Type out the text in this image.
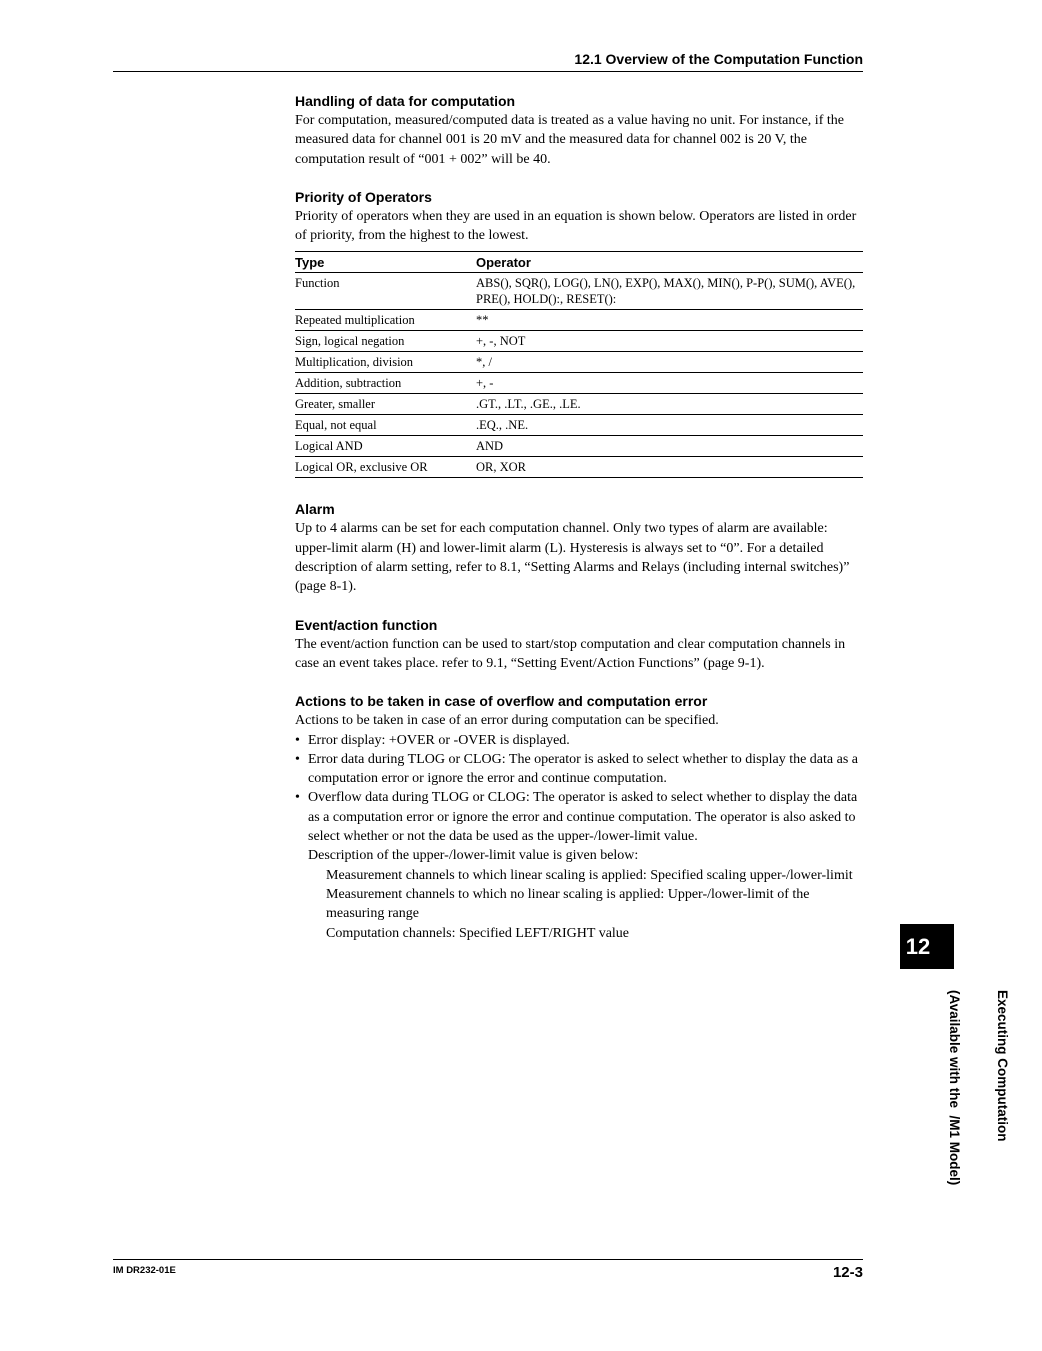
12.1 Overview of the Computation Function
Handling of data for computation

For computation, measured/computed data is treated as a value having no unit. For instance, if the measured data for channel 001 is 20 mV and the measured data for channel 002 is 20 V, the computation result of “001 + 002” will be 40.

Priority of Operators

Priority of operators when they are used in an equation is shown below. Operators are listed in order of priority, from the highest to the lowest.

Type	Operator
Function	ABS(), SQR(), LOG(), LN(), EXP(), MAX(), MIN(), P-P(), SUM(), AVE(), PRE(), HOLD():, RESET():
Repeated multiplication	**
Sign, logical negation	+, -, NOT
Multiplication, division	*, /
Addition, subtraction	+, -
Greater, smaller	.GT., .LT., .GE., .LE.
Equal, not equal	.EQ., .NE.
Logical AND	AND
Logical OR, exclusive OR	OR, XOR
Alarm

Up to 4 alarms can be set for each computation channel. Only two types of alarm are available: upper-limit alarm (H) and lower-limit alarm (L). Hysteresis is always set to “0”. For a detailed description of alarm setting, refer to 8.1, “Setting Alarms and Relays (including internal switches)” (page 8-1).

Event/action function

The event/action function can be used to start/stop computation and clear computation channels in case an event takes place. refer to 9.1, “Setting Event/Action Functions” (page 9-1).

Actions to be taken in case of overflow and computation error

Actions to be taken in case of an error during computation can be specified.

• Error display: +OVER or -OVER is displayed.
• Error data during TLOG or CLOG: The operator is asked to select whether to display the data as a computation error or ignore the error and continue computation.
• Overflow data during TLOG or CLOG: The operator is asked to select whether to display the data as a computation error or ignore the error and continue computation. The operator is also asked to select whether or not the data be used as the upper-/lower-limit value.
Description of the upper-/lower-limit value is given below:
Measurement channels to which linear scaling is applied: Specified scaling upper-/lower-limit
Measurement channels to which no linear scaling is applied: Upper-/lower-limit of the measuring range
Computation channels: Specified LEFT/RIGHT value
12

Executing Computation

(Available with the  /M1 Model)

IM DR232-01E	12-3
